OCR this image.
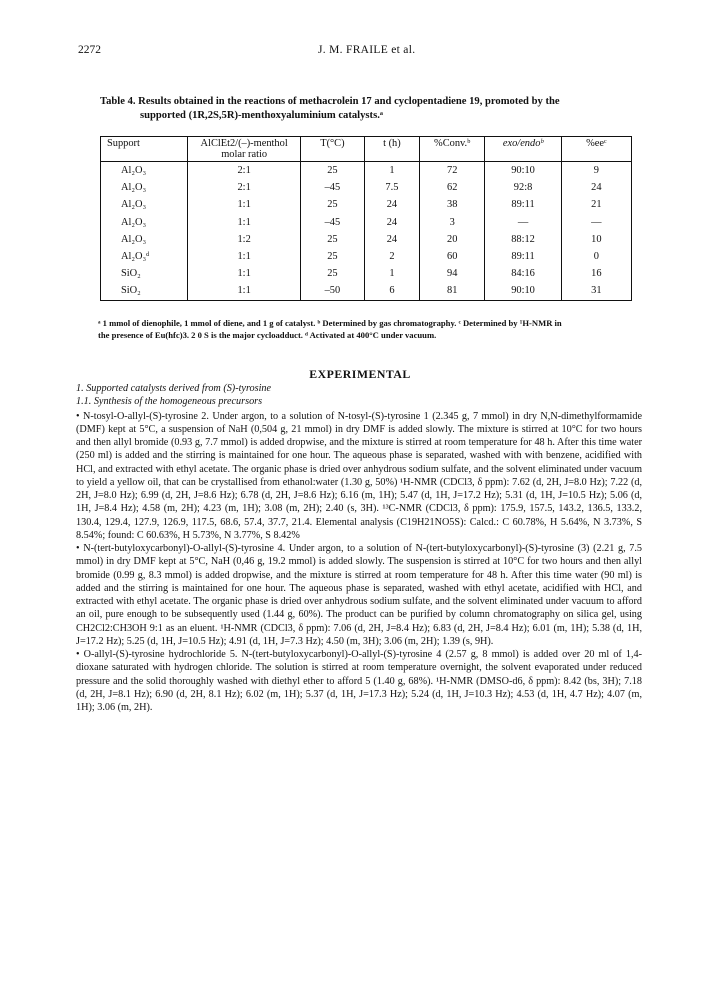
2272	J. M. FRAILE et al.
Table 4. Results obtained in the reactions of methacrolein 17 and cyclopentadiene 19, promoted by the
supported (1R,2S,5R)-menthoxyaluminium catalysts.ᵃ
Support	AlClEt2/(–)-menthol molar ratio	T(°C)	t (h)	%Conv.ᵇ	exo/endoᵇ	%eeᶜ
Al₂O₃	2:1	25	1	72	90:10	9
Al₂O₃	2:1	–45	7.5	62	92:8	24
Al₂O₃	1:1	25	24	38	89:11	21
Al₂O₃	1:1	–45	24	3	—	—
Al₂O₃	1:2	25	24	20	88:12	10
Al₂O₃ᵈ	1:1	25	2	60	89:11	0
SiO₂	1:1	25	1	94	84:16	16
SiO₂	1:1	–50	6	81	90:10	31
ᵃ 1 mmol of dienophile, 1 mmol of diene, and 1 g of catalyst. ᵇ Determined by gas chromatography. ᶜ Determined by ¹H-NMR in
the presence of Eu(hfc)3. 2 0 S is the major cycloadduct. ᵈ Activated at 400°C under vacuum.
EXPERIMENTAL

1. Supported catalysts derived from (S)-tyrosine

1.1. Synthesis of the homogeneous precursors

• N-tosyl-O-allyl-(S)-tyrosine 2. Under argon, to a solution of N-tosyl-(S)-tyrosine 1 (2.345 g, 7 mmol) in dry N,N-dimethylformamide (DMF) kept at 5°C, a suspension of NaH (0,504 g, 21 mmol) in dry DMF is added slowly. The mixture is stirred at 10°C for two hours and then allyl bromide (0.93 g, 7.7 mmol) is added dropwise, and the mixture is stirred at room temperature for 48 h. After this time water (250 ml) is added and the stirring is maintained for one hour. The aqueous phase is separated, washed with with benzene, acidified with HCl, and extracted with ethyl acetate. The organic phase is dried over anhydrous sodium sulfate, and the solvent eliminated under vacuum to yield a yellow oil, that can be crystallised from ethanol:water (1.30 g, 50%) ¹H-NMR (CDCl3, δ ppm): 7.62 (d, 2H, J=8.0 Hz); 7.22 (d, 2H, J=8.0 Hz); 6.99 (d, 2H, J=8.6 Hz); 6.78 (d, 2H, J=8.6 Hz); 6.16 (m, 1H); 5.47 (d, 1H, J=17.2 Hz); 5.31 (d, 1H, J=10.5 Hz); 5.06 (d, 1H, J=8.4 Hz); 4.58 (m, 2H); 4.23 (m, 1H); 3.08 (m, 2H); 2.40 (s, 3H). ¹³C-NMR (CDCl3, δ ppm): 175.9, 157.5, 143.2, 136.5, 133.2, 130.4, 129.4, 127.9, 126.9, 117.5, 68.6, 57.4, 37.7, 21.4. Elemental analysis (C19H21NO5S): Calcd.: C 60.78%, H 5.64%, N 3.73%, S 8.54%; found: C 60.63%, H 5.73%, N 3.77%, S 8.42%

• N-(tert-butyloxycarbonyl)-O-allyl-(S)-tyrosine 4. Under argon, to a solution of N-(tert-butyloxycarbonyl)-(S)-tyrosine (3) (2.21 g, 7.5 mmol) in dry DMF kept at 5°C, NaH (0,46 g, 19.2 mmol) is added slowly. The suspension is stirred at 10°C for two hours and then allyl bromide (0.99 g, 8.3 mmol) is added dropwise, and the mixture is stirred at room temperature for 48 h. After this time water (90 ml) is added and the stirring is maintained for one hour. The aqueous phase is separated, washed with ethyl acetate, acidified with HCl, and extracted with ethyl acetate. The organic phase is dried over anhydrous sodium sulfate, and the solvent eliminated under vacuum to afford an oil, pure enough to be subsequently used (1.44 g, 60%). The product can be purified by column chromatography on silica gel, using CH2Cl2:CH3OH 9:1 as an eluent. ¹H-NMR (CDCl3, δ ppm): 7.06 (d, 2H, J=8.4 Hz); 6.83 (d, 2H, J=8.4 Hz); 6.01 (m, 1H); 5.38 (d, 1H, J=17.2 Hz); 5.25 (d, 1H, J=10.5 Hz); 4.91 (d, 1H, J=7.3 Hz); 4.50 (m, 3H); 3.06 (m, 2H); 1.39 (s, 9H).

• O-allyl-(S)-tyrosine hydrochloride 5. N-(tert-butyloxycarbonyl)-O-allyl-(S)-tyrosine 4 (2.57 g, 8 mmol) is added over 20 ml of 1,4-dioxane saturated with hydrogen chloride. The solution is stirred at room temperature overnight, the solvent evaporated under reduced pressure and the solid thoroughly washed with diethyl ether to afford 5 (1.40 g, 68%). ¹H-NMR (DMSO-d6, δ ppm): 8.42 (bs, 3H); 7.18 (d, 2H, J=8.1 Hz); 6.90 (d, 2H, 8.1 Hz); 6.02 (m, 1H); 5.37 (d, 1H, J=17.3 Hz); 5.24 (d, 1H, J=10.3 Hz); 4.53 (d, 1H, 4.7 Hz); 4.07 (m, 1H); 3.06 (m, 2H).
